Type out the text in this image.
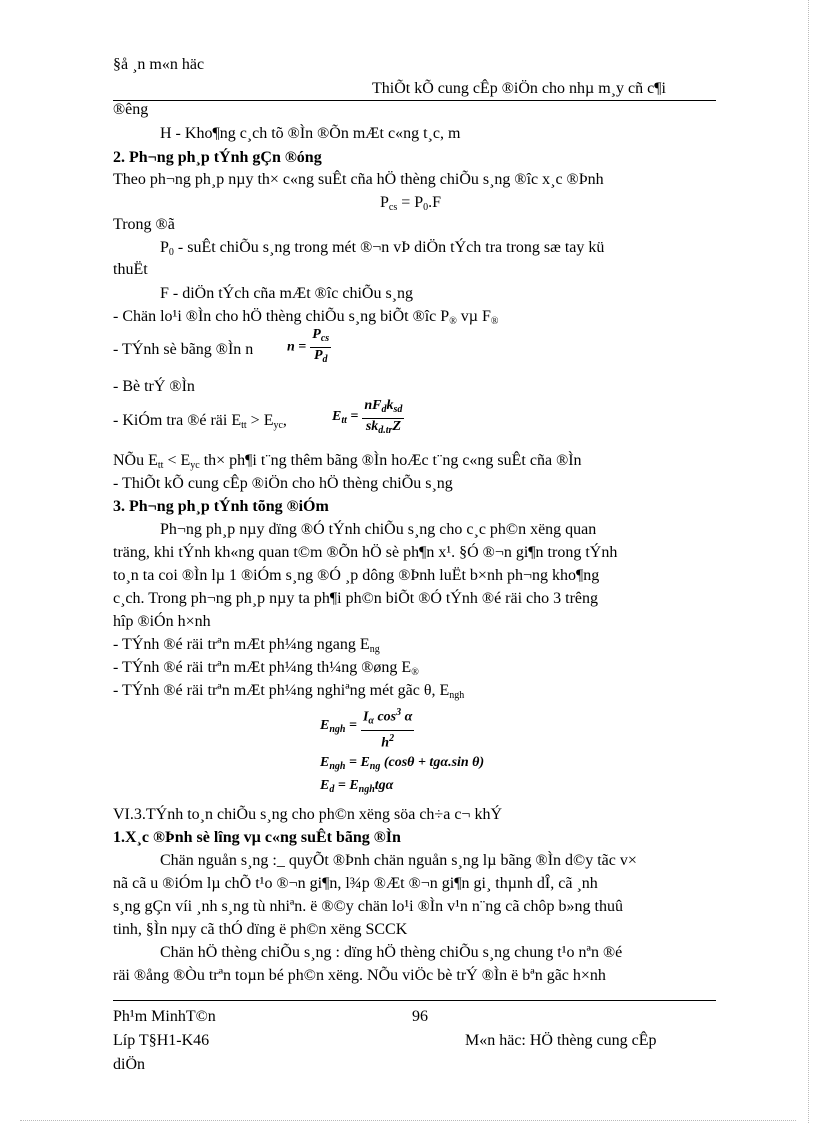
§å ¸n m«n häc
ThiÕt kÕ cung cÊp ®iÖn cho nhµ m¸y cñ c¶i
®êng
H - Kho¶ng c¸ch tõ ®Ìn ®Õn mÆt c«ng t¸c, m
2. Ph¬ng ph¸p tÝnh gÇn ®óng
Theo ph¬ng ph¸p nµy th× c«ng suÊt cña hÖ thèng chiÕu s¸ng ®îc x¸c ®Þnh
$P_{cs} = P_0.F$
Trong ®ã
$P_0$ - suÊt chiÕu s¸ng trong mét ®¬n vÞ diÖn tÝch tra trong sæ tay kü
thuËt
F - diÖn tÝch cña mÆt ®îc chiÕu s¸ng
- Chän lo¹i ®Ìn cho hÖ thèng chiÕu s¸ng biÕt ®îc $P_®$ vµ $F_®$
- TÝnh sè bãng ®Ìn n $n = \frac{P_{cs}}{P_d}$
- Bè trÝ ®Ìn
- KiÓm tra ®é räi $E_{tt} > E_{yc}$,	$E_{tt} = \frac{nF_dk_{sd}}{sk_{d.tr}Z}$
NÕu $E_{tt} < E_{yc}$ th× ph¶i t¨ng thêm bãng ®Ìn hoÆc t¨ng c«ng suÊt cña ®Ìn
- ThiÕt kÕ cung cÊp ®iÖn cho hÖ thèng chiÕu s¸ng
3. Ph¬ng ph¸p tÝnh tõng ®iÓm
Ph¬ng ph¸p nµy dïng ®Ó tÝnh chiÕu s¸ng cho c¸c ph©n xëng quan
träng, khi tÝnh kh«ng quan t©m ®Õn hÖ sè ph¶n x¹. §Ó ®¬n gi¶n trong tÝnh
to¸n ta coi ®Ìn lµ 1 ®iÓm s¸ng ®Ó ¸p dông ®Þnh luËt b×nh ph¬ng kho¶ng
c¸ch. Trong ph¬ng ph¸p nµy ta ph¶i ph©n biÕt ®Ó tÝnh ®é räi cho 3 trêng
hîp ®iÓn h×nh
- TÝnh ®é räi trªn mÆt ph¼ng ngang $E_{ng}$
- TÝnh ®é räi trªn mÆt ph¼ng th¼ng ®øng $E_®$
- TÝnh ®é räi trªn mÆt ph¼ng nghiªng mét gãc θ, $E_{ngh}$
$E_{ngh} = \frac{I_\alpha \cos^3 \alpha}{h^2}$
$E_{ngh} = E_{ng}$ (cosθ + tgα.sin θ)
$E_d = E_{ngh}tg\alpha$
VI.3.TÝnh to¸n chiÕu s¸ng cho ph©n xëng söa ch÷a c¬ khÝ
1.X¸c ®Þnh sè lîng vµ c«ng suÊt bãng ®Ìn
Chän nguån s¸ng :_ quyÕt ®Þnh chän nguån s¸ng lµ bãng ®Ìn d©y tãc v×
nã cã u ®iÓm lµ chÕ t¹o ®¬n gi¶n, l¾p ®Æt ®¬n gi¶n gi¸ thµnh dÎ, cã ¸nh
s¸ng gÇn víi ¸nh s¸ng tù nhiªn. ë ®©y chän lo¹i ®Ìn v¹n n¨ng cã chôp b»ng thuû
tinh, §Ìn nµy cã thÓ dïng ë ph©n xëng SCCK
Chän hÖ thèng chiÕu s¸ng : dïng hÖ thèng chiÕu s¸ng chung t¹o nªn ®é
räi ®ång ®Òu trªn toµn bé ph©n xëng. NÕu viÖc bè trÝ ®Ìn ë bªn gãc h×nh
Ph¹m MinhT©n	96
Líp T§H1-K46	M«n häc: HÖ thèng cung cÊp
diÖn
